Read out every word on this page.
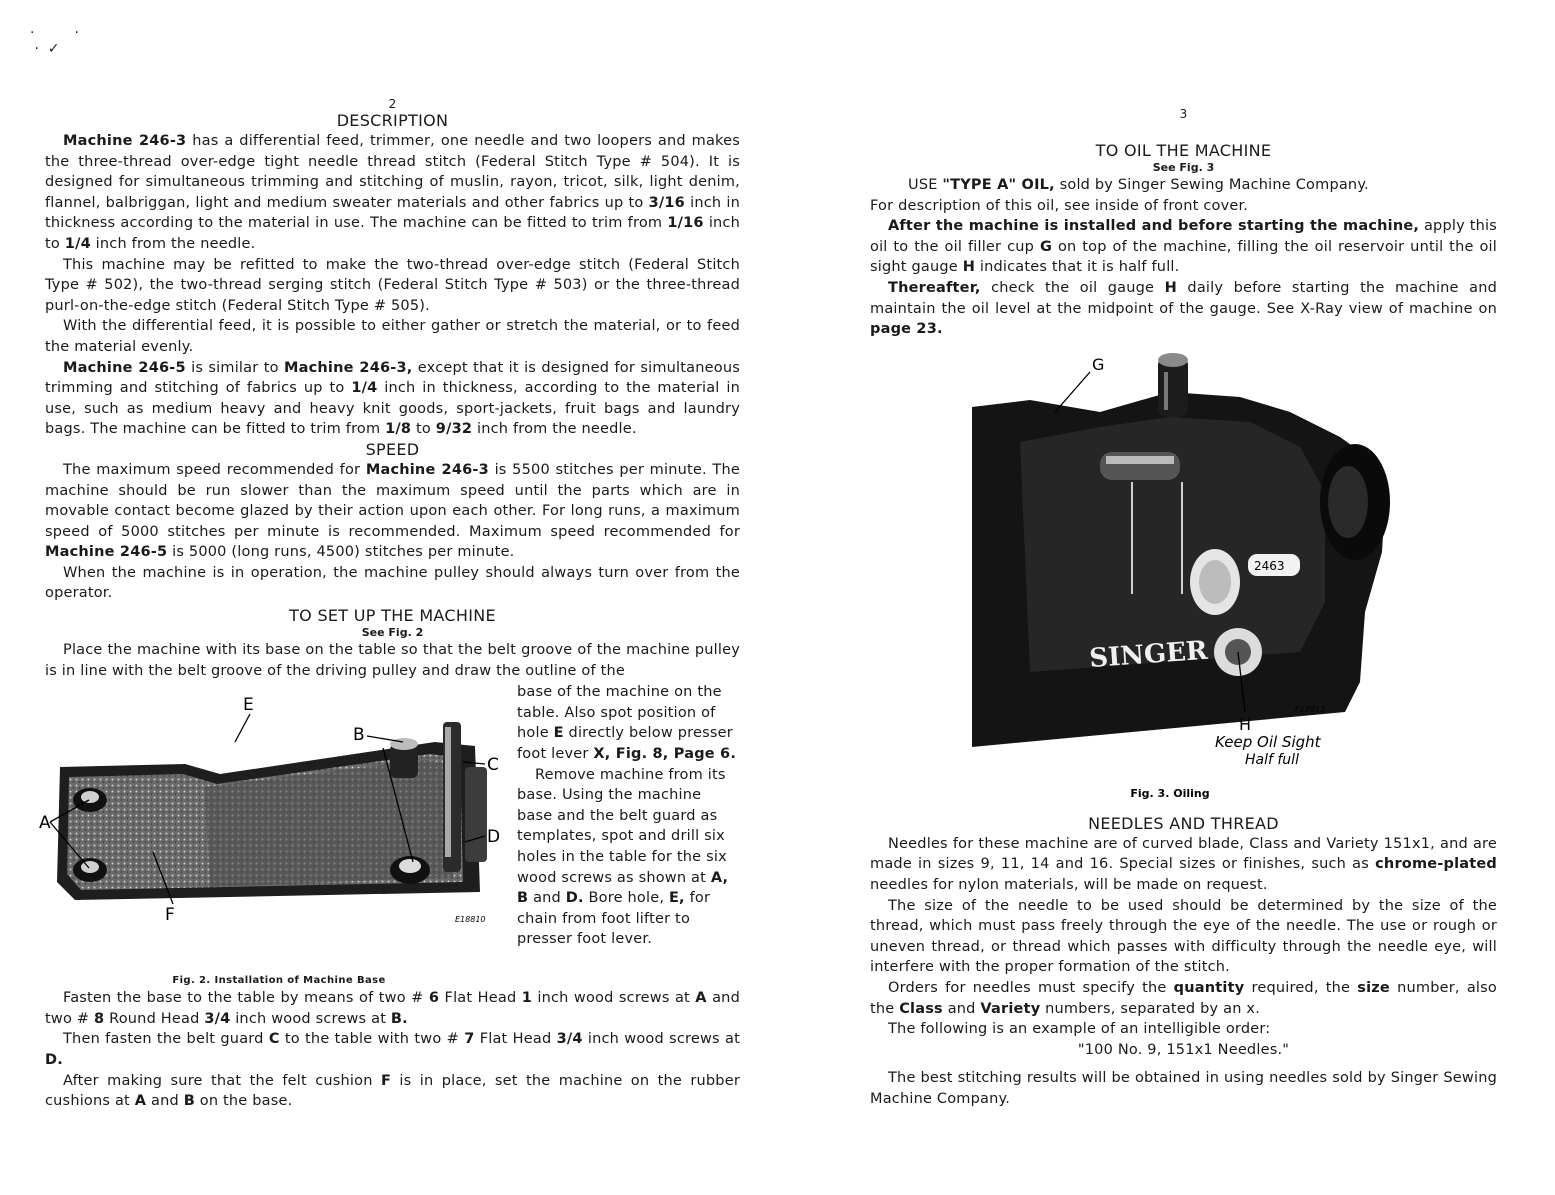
·         ·
·  ✓
2
DESCRIPTION

Machine 246-3 has a differential feed, trimmer, one needle and two loopers and makes the three-thread over-edge tight needle thread stitch (Federal Stitch Type # 504). It is designed for simultaneous trimming and stitching of muslin, rayon, tricot, silk, light denim, flannel, balbriggan, light and medium sweater materials and other fabrics up to 3/16 inch in thickness according to the material in use. The machine can be fitted to trim from 1/16 inch to 1/4 inch from the needle.

This machine may be refitted to make the two-thread over-edge stitch (Federal Stitch Type # 502), the two-thread serging stitch (Federal Stitch Type # 503) or the three-thread purl-on-the-edge stitch (Federal Stitch Type # 505).

With the differential feed, it is possible to either gather or stretch the material, or to feed the material evenly.

Machine 246-5 is similar to Machine 246-3, except that it is designed for simultaneous trimming and stitching of fabrics up to 1/4 inch in thickness, according to the material in use, such as medium heavy and heavy knit goods, sport-jackets, fruit bags and laundry bags. The machine can be fitted to trim from 1/8 to 9/32 inch from the needle.

SPEED

The maximum speed recommended for Machine 246-3 is 5500 stitches per minute. The machine should be run slower than the maximum speed until the parts which are in movable contact become glazed by their action upon each other. For long runs, a maximum speed of 5000 stitches per minute is recommended. Maximum speed recommended for Machine 246-5 is 5000 (long runs, 4500) stitches per minute.

When the machine is in operation, the machine pulley should always turn over from the operator.

TO SET UP THE MACHINE
See Fig. 2

Place the machine with its base on the table so that the belt groove of the machine pulley is in line with the belt groove of the driving pulley and draw the outline of the

E
B
C
D
A
F	E18810
Fig. 2. Installation of Machine Base

base of the machine on the table. Also spot position of hole E directly below presser foot lever X, Fig. 8, Page 6.

Remove machine from its base. Using the machine base and the belt guard as templates, spot and drill six holes in the table for the six wood screws as shown at A, B and D. Bore hole, E, for chain from foot lifter to presser foot lever.

Fasten the base to the table by means of two # 6 Flat Head 1 inch wood screws at A and two # 8 Round Head 3/4 inch wood screws at B.

Then fasten the belt guard C to the table with two # 7 Flat Head 3/4 inch wood screws at D.

After making sure that the felt cushion F is in place, set the machine on the rubber cushions at A and B on the base.

3
TO OIL THE MACHINE
See Fig. 3

USE "TYPE A" OIL, sold by Singer Sewing Machine Company.

For description of this oil, see inside of front cover.

After the machine is installed and before starting the machine, apply this oil to the oil filler cup G on top of the machine, filling the oil reservoir until the oil sight gauge H indicates that it is half full.

Thereafter, check the oil gauge H daily before starting the machine and maintain the oil level at the midpoint of the gauge. See X-Ray view of machine on page 23.

2463
SINGER
G
H
F17913
Keep Oil Sight
Half full
Fig. 3. Oiling
NEEDLES AND THREAD

Needles for these machine are of curved blade, Class and Variety 151x1, and are made in sizes 9, 11, 14 and 16. Special sizes or finishes, such as chrome-plated needles for nylon materials, will be made on request.

The size of the needle to be used should be determined by the size of the thread, which must pass freely through the eye of the needle. The use or rough or uneven thread, or thread which passes with difficulty through the needle eye, will interfere with the proper formation of the stitch.

Orders for needles must specify the quantity required, the size number, also the Class and Variety numbers, separated by an x.

The following is an example of an intelligible order:

"100 No. 9, 151x1 Needles."

The best stitching results will be obtained in using needles sold by Singer Sewing Machine Company.
